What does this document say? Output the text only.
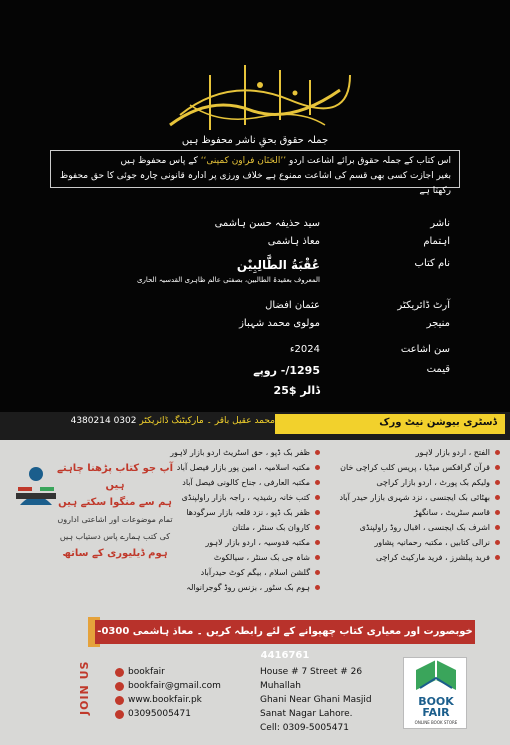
جملہ حقوق بحقِ ناشر محفوظ ہیں
اس کتاب کے جملہ حقوق برائے اشاعت اردو ’’الحَنَان فراون کمپنی‘‘ کے پاس محفوظ ہیں
بغیر اجازت کسی بھی قسم کی اشاعت ممنوع ہے خلاف ورزی پر ادارہ قانونی چارہ جوئی کا حق محفوظ رکھتا ہے
ناشر
سید حذیفہ حسن ہاشمی
اہتمام
معاذ ہاشمی
نام کتاب
عُقْبَةُ الطَّالِبِيْن
المعروف بعقیدۃ الطالبین، بصفتی عالم ظاہری القدسیہ الحاری
آرٹ ڈائریکٹر
عثمان افضال
منیجر
مولوی محمد شہباز
سن اشاعت
2024ء
قیمت
1295/- روپے
ڈالر $25
ڈسٹری بیوشن نیٹ ورک
محمد عقیل باقر ۔ مارکیٹنگ ڈائریکٹر 0302 4380214
الفتح ، اردو بازار لاہور
قرآن گرافکس میڈیا ، پریس کلب کراچی خان
ولیکم بک پورٹ ، اردو بازار کراچی
بھٹائی بک ایجنسی ، نزد شہری بازار حیدر آباد
قاسم سٹریٹ ، سانگھڑ
اشرف بک ایجنسی ، اقبال روڈ راولپنڈی
نرالی کتابیں ، مکتبہ رحمانیہ پشاور
فرید پبلشرز ، فرید مارکیٹ کراچی
ظفر بک ڈپو ، حق اسٹریٹ اردو بازار لاہور
مکتبہ اسلامیہ ، امین پور بازار فیصل آباد
مکتبہ العارفی ، جناح کالونی فیصل آباد
کتب خانہ رشیدیہ ، راجہ بازار راولپنڈی
ظفر بک ڈپو ، نزد قلعہ بازار سرگودھا
کاروان بک سنٹر ، ملتان
مکتبہ قدوسیہ ، اردو بازار لاہور
شاہ جی بک سنٹر ، سیالکوٹ
گلشن اسلام ، بیگم کوٹ حیدرآباد
ہوم بک سٹور ، بزنس روڈ گوجرانوالہ
آپ جو کتاب پڑھنا چاہتے ہیں
ہم سے منگوا سکتے ہیں
تمام موضوعات اور اشاعتی اداروں
کی کتب ہمارے پاس دستیاب ہیں
ہوم ڈیلیوری کے ساتھ
خوبصورت اور معیاری کتاب چھپوانے کے لئے رابطہ کریں ۔ معاذ ہاشمی 0300-4416761
JOIN US	bookfair
bookfair@gmail.com
www.bookfair.pk
03095005471
House # 7 Street # 26 Muhallah
Ghani Near Ghani Masjid
Sanat Nagar Lahore.
Cell: 0309-5005471
BOOK
FAIR
ONLINE BOOK STORE
